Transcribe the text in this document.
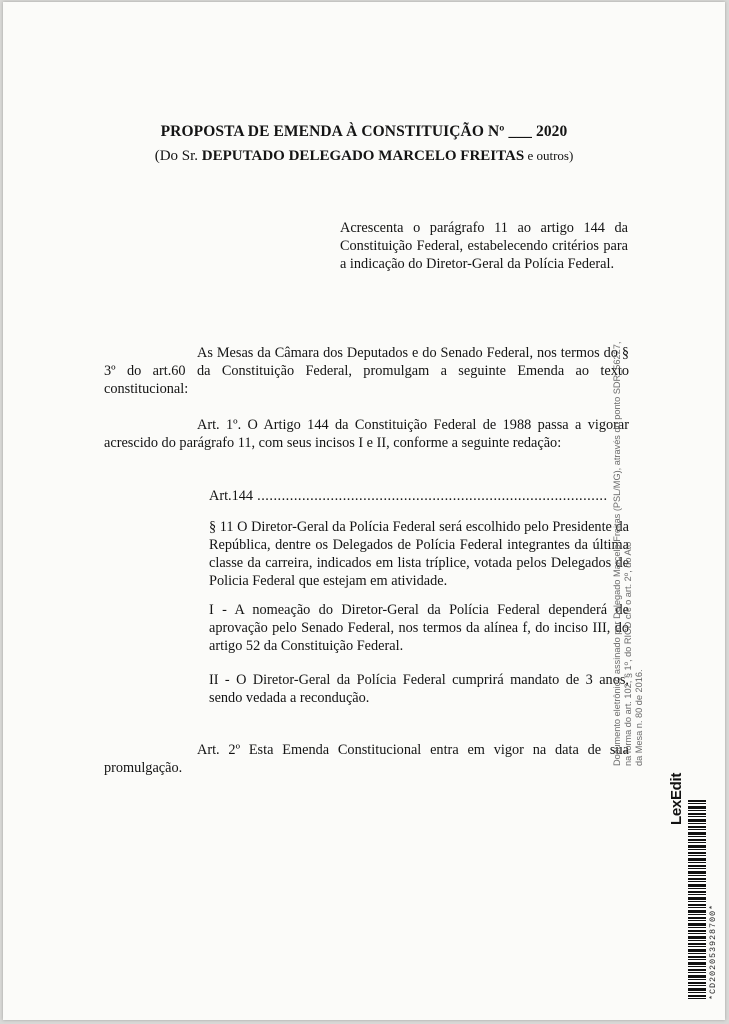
PROPOSTA DE EMENDA À CONSTITUIÇÃO Nº ___ 2020
(Do Sr. DEPUTADO DELEGADO MARCELO FREITAS e outros)

Acrescenta o parágrafo 11 ao artigo 144 da Constituição Federal, estabelecendo critérios para a indicação do Diretor-Geral da Polícia Federal.

As Mesas da Câmara dos Deputados e do Senado Federal, nos termos do § 3º do art.60 da Constituição Federal, promulgam a seguinte Emenda ao texto constitucional:

Art. 1º. O Artigo 144 da Constituição Federal de 1988 passa a vigorar acrescido do parágrafo 11, com seus incisos I e II, conforme a seguinte redação:

Art.144 ......................................................................................

§ 11 O Diretor-Geral da Polícia Federal será escolhido pelo Presidente da República, dentre os Delegados de Polícia Federal integrantes da última classe da carreira, indicados em lista tríplice, votada pelos Delegados de Policia Federal que estejam em atividade.

I - A nomeação do Diretor-Geral da Polícia Federal dependerá de aprovação pelo Senado Federal, nos termos da alínea f, do inciso III, do artigo 52 da Constituição Federal.

II - O Diretor-Geral da Polícia Federal cumprirá mandato de 3 anos, sendo vedada a recondução.

Art. 2º Esta Emenda Constitucional entra em vigor na data de sua promulgação.

Documento eletrônico assinado por Delegado Marcelo Freitas (PSL/MG), através do ponto SDR_56227, na forma do art. 102, § 1º, do RICD c/c o art. 2º, do Ato da Mesa n. 80 de 2016.
LexEdit
*CD202053928700*
